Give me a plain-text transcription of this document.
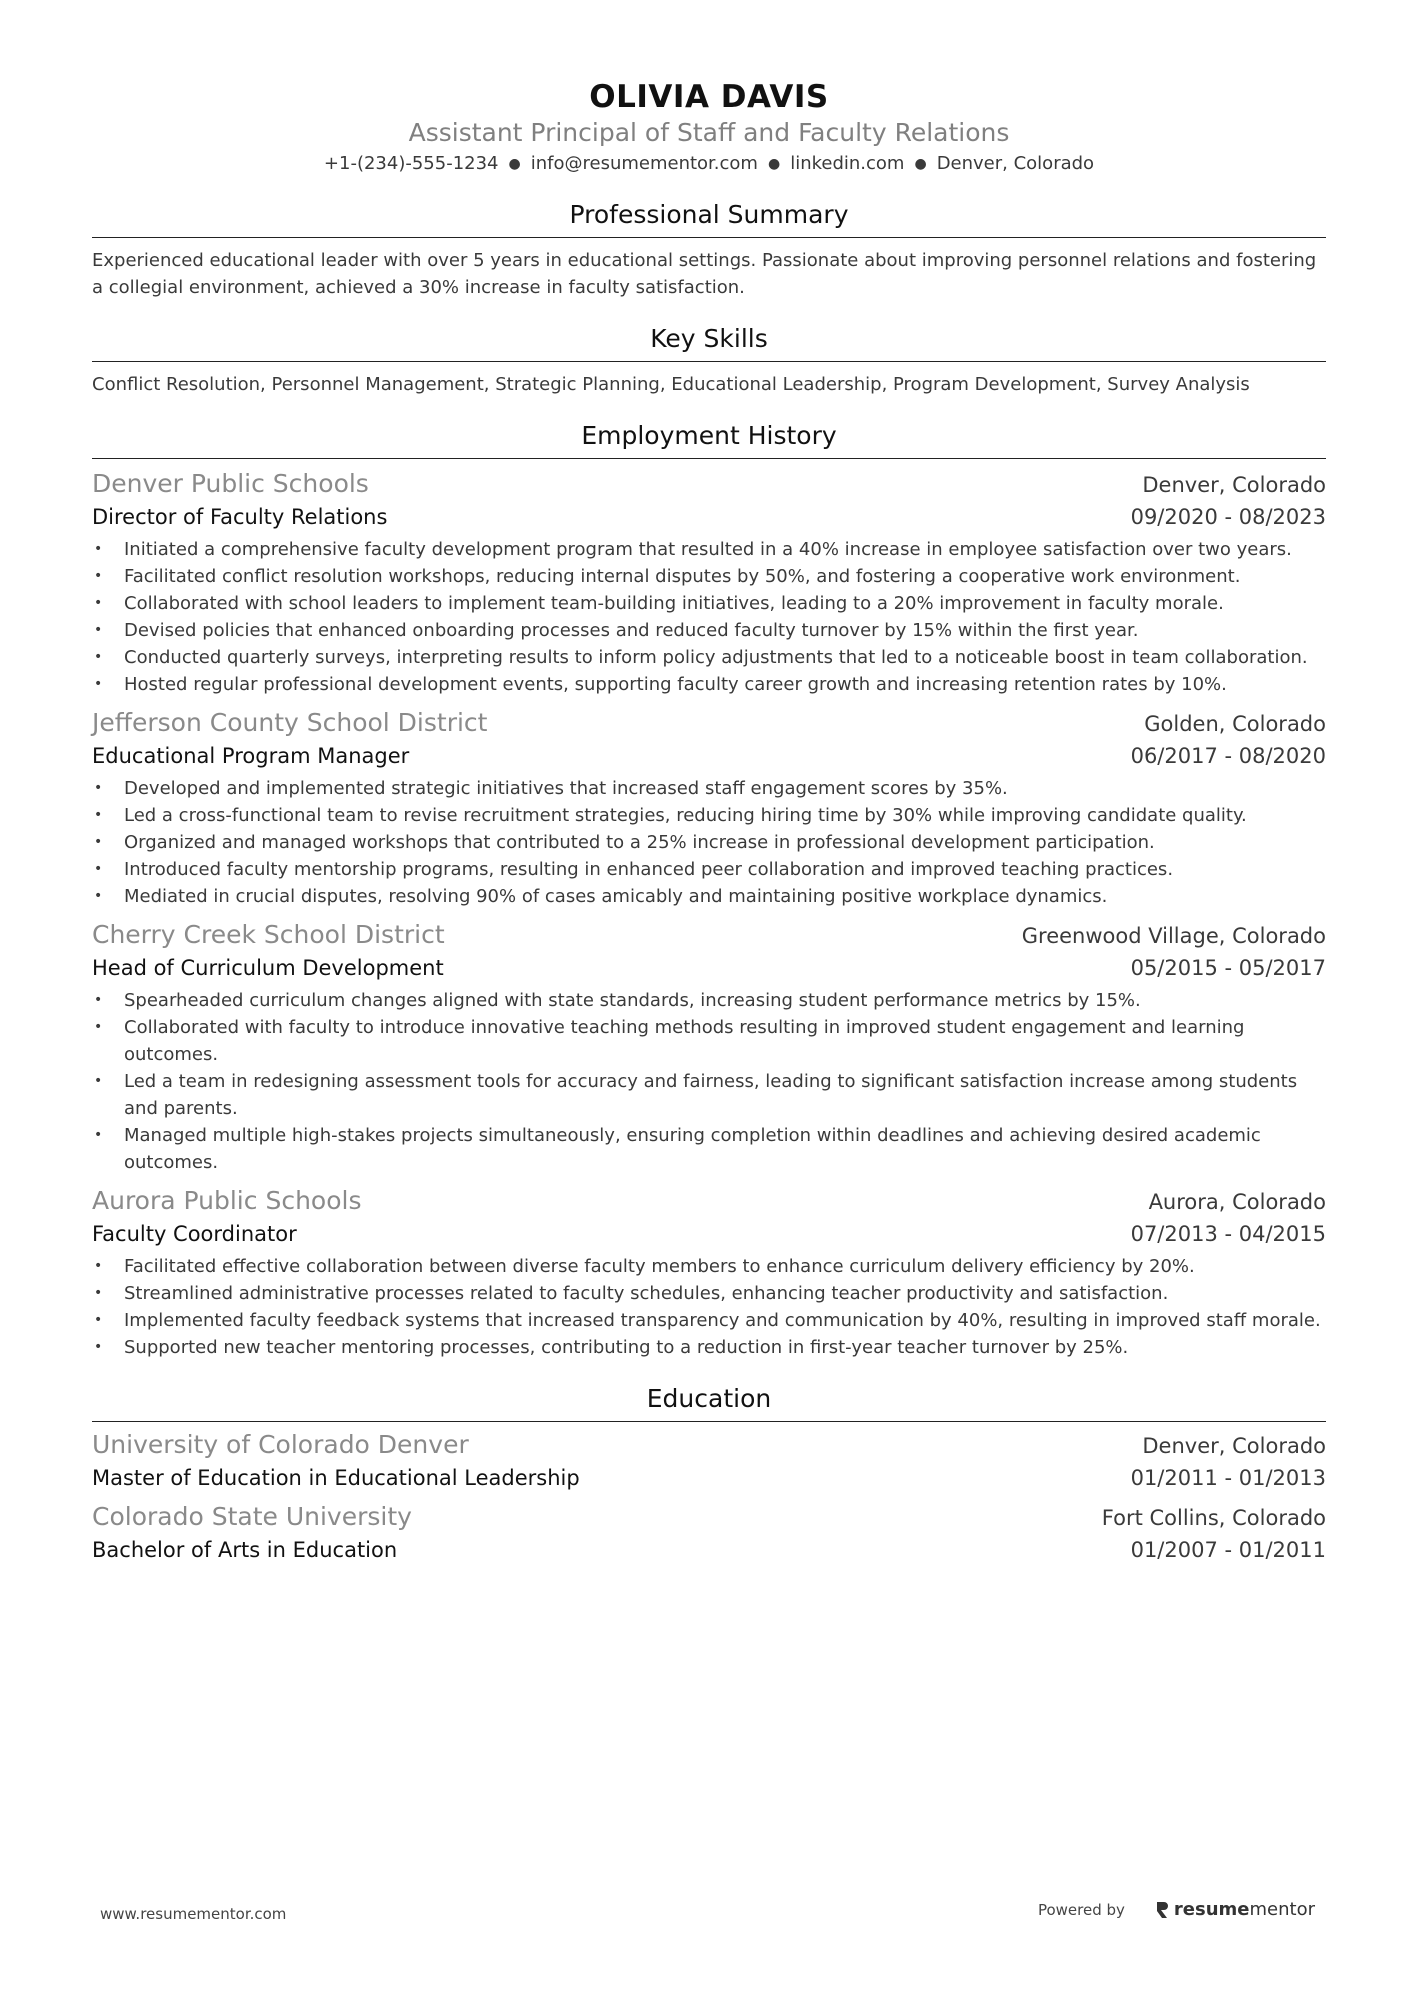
OLIVIA DAVIS
Assistant Principal of Staff and Faculty Relations
+1-(234)-555-1234 ● info@resumementor.com ● linkedin.com ● Denver, Colorado
Professional Summary
Experienced educational leader with over 5 years in educational settings. Passionate about improving personnel relations and fostering a collegial environment, achieved a 30% increase in faculty satisfaction.
Key Skills
Conflict Resolution, Personnel Management, Strategic Planning, Educational Leadership, Program Development, Survey Analysis
Employment History
Denver Public Schools	Denver, Colorado
Director of Faculty Relations	09/2020 - 08/2023
• Initiated a comprehensive faculty development program that resulted in a 40% increase in employee satisfaction over two years.
• Facilitated conflict resolution workshops, reducing internal disputes by 50%, and fostering a cooperative work environment.
• Collaborated with school leaders to implement team-building initiatives, leading to a 20% improvement in faculty morale.
• Devised policies that enhanced onboarding processes and reduced faculty turnover by 15% within the first year.
• Conducted quarterly surveys, interpreting results to inform policy adjustments that led to a noticeable boost in team collaboration.
• Hosted regular professional development events, supporting faculty career growth and increasing retention rates by 10%.
Jefferson County School District	Golden, Colorado
Educational Program Manager	06/2017 - 08/2020
• Developed and implemented strategic initiatives that increased staff engagement scores by 35%.
• Led a cross-functional team to revise recruitment strategies, reducing hiring time by 30% while improving candidate quality.
• Organized and managed workshops that contributed to a 25% increase in professional development participation.
• Introduced faculty mentorship programs, resulting in enhanced peer collaboration and improved teaching practices.
• Mediated in crucial disputes, resolving 90% of cases amicably and maintaining positive workplace dynamics.
Cherry Creek School District	Greenwood Village, Colorado
Head of Curriculum Development	05/2015 - 05/2017
• Spearheaded curriculum changes aligned with state standards, increasing student performance metrics by 15%.
• Collaborated with faculty to introduce innovative teaching methods resulting in improved student engagement and learning outcomes.
• Led a team in redesigning assessment tools for accuracy and fairness, leading to significant satisfaction increase among students and parents.
• Managed multiple high-stakes projects simultaneously, ensuring completion within deadlines and achieving desired academic outcomes.
Aurora Public Schools	Aurora, Colorado
Faculty Coordinator	07/2013 - 04/2015
• Facilitated effective collaboration between diverse faculty members to enhance curriculum delivery efficiency by 20%.
• Streamlined administrative processes related to faculty schedules, enhancing teacher productivity and satisfaction.
• Implemented faculty feedback systems that increased transparency and communication by 40%, resulting in improved staff morale.
• Supported new teacher mentoring processes, contributing to a reduction in first-year teacher turnover by 25%.
Education
University of Colorado Denver	Denver, Colorado
Master of Education in Educational Leadership	01/2011 - 01/2013
Colorado State University	Fort Collins, Colorado
Bachelor of Arts in Education	01/2007 - 01/2011
www.resumementor.com	Powered by	resume mentor
